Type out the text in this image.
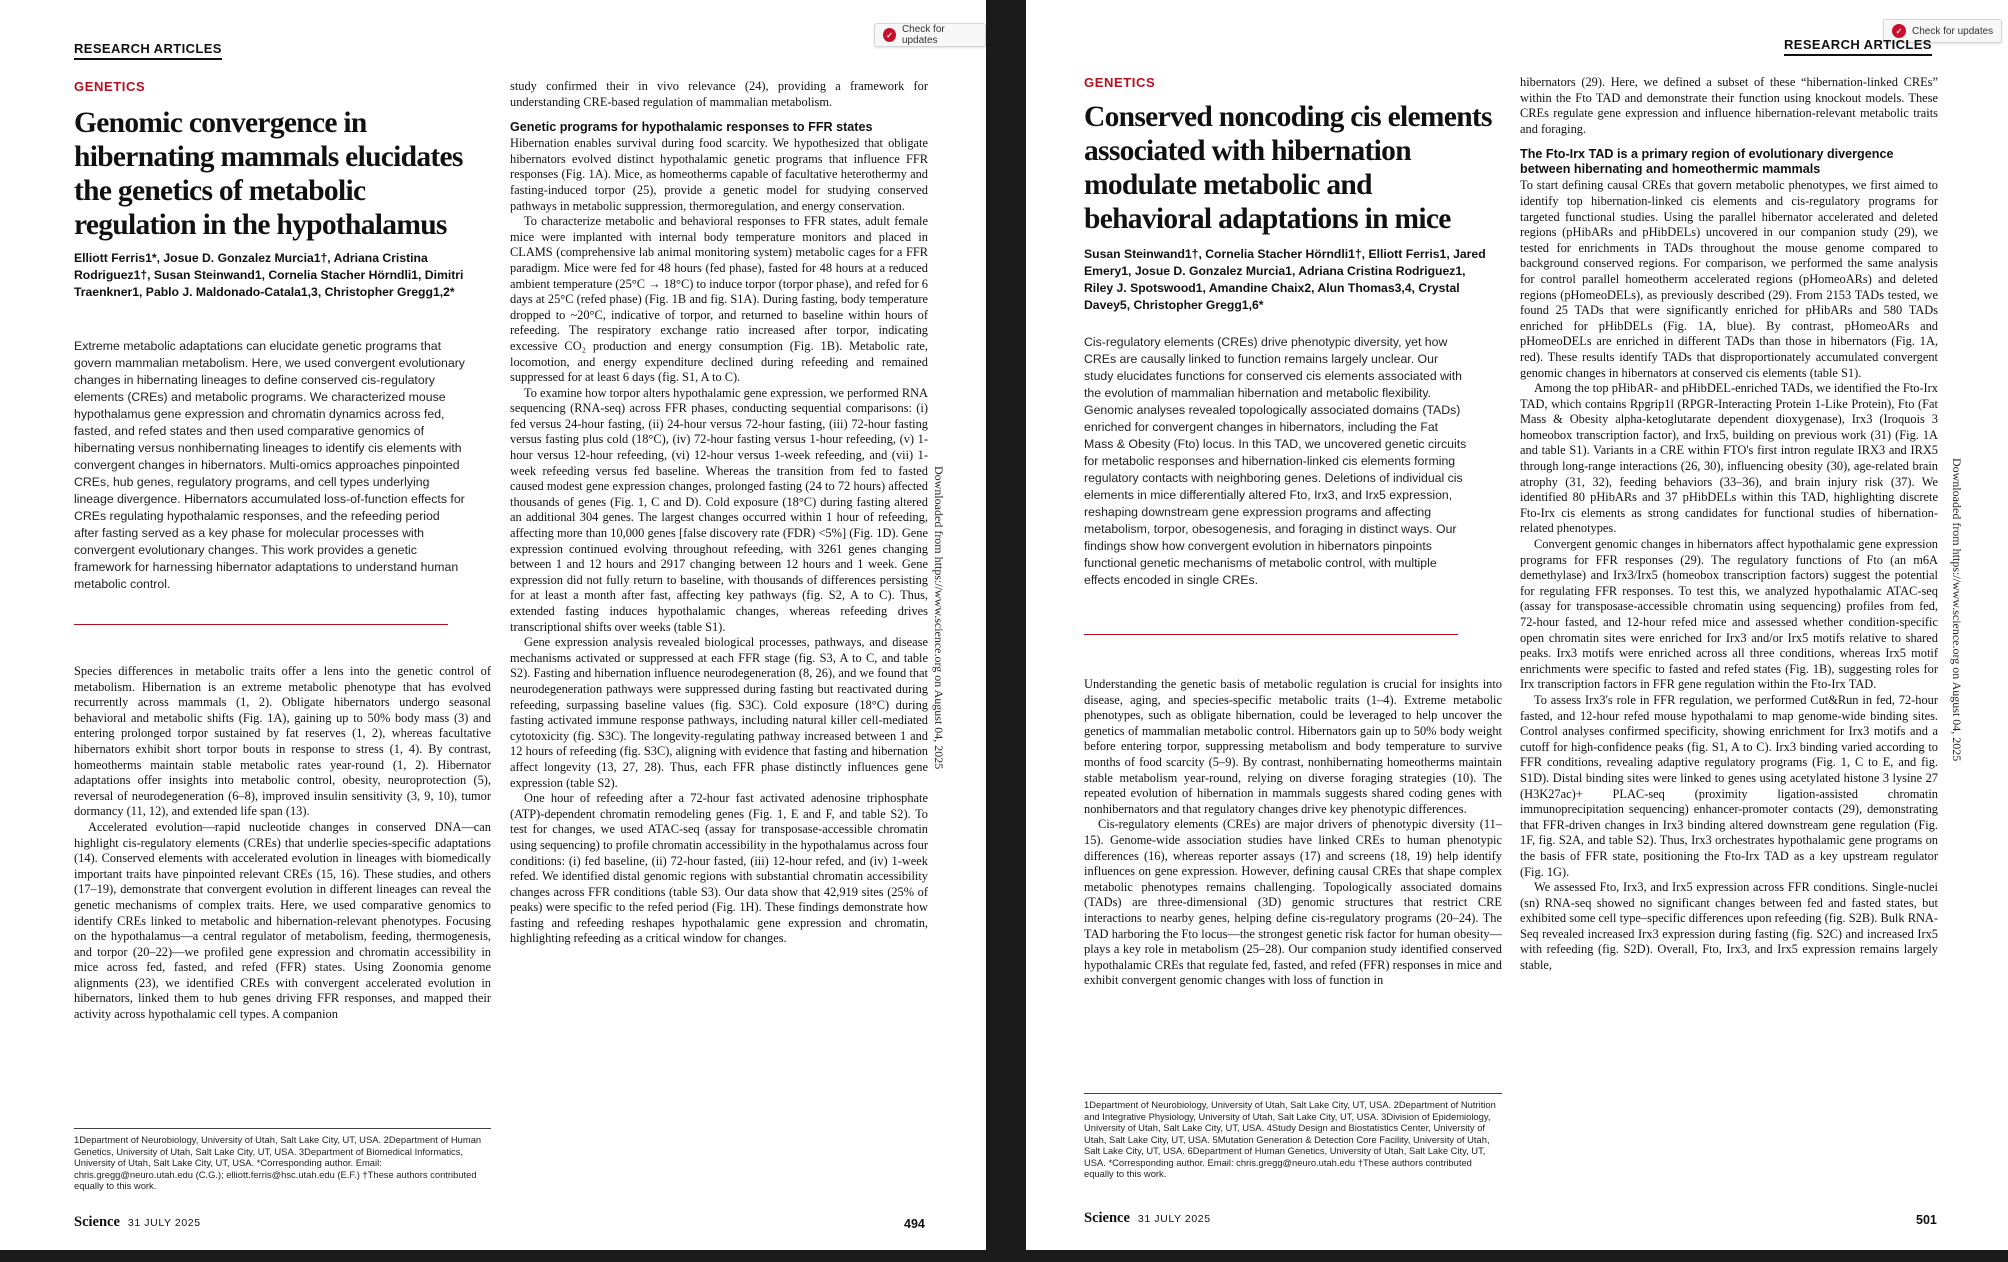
✓ Check for updates
RESEARCH ARTICLES
GENETICS
Genomic convergence in hibernating mammals elucidates the genetics of metabolic regulation in the hypothalamus
Elliott Ferris1*, Josue D. Gonzalez Murcia1†, Adriana Cristina Rodriguez1†, Susan Steinwand1, Cornelia Stacher Hörndli1, Dimitri Traenkner1, Pablo J. Maldonado-Catala1,3, Christopher Gregg1,2*
Extreme metabolic adaptations can elucidate genetic programs that govern mammalian metabolism. Here, we used convergent evolutionary changes in hibernating lineages to define conserved cis-regulatory elements (CREs) and metabolic programs. We characterized mouse hypothalamus gene expression and chromatin dynamics across fed, fasted, and refed states and then used comparative genomics of hibernating versus nonhibernating lineages to identify cis elements with convergent changes in hibernators. Multi-omics approaches pinpointed CREs, hub genes, regulatory programs, and cell types underlying lineage divergence. Hibernators accumulated loss-of-function effects for CREs regulating hypothalamic responses, and the refeeding period after fasting served as a key phase for molecular processes with convergent evolutionary changes. This work provides a genetic framework for harnessing hibernator adaptations to understand human metabolic control.

Species differences in metabolic traits offer a lens into the genetic control of metabolism. Hibernation is an extreme metabolic phenotype that has evolved recurrently across mammals (1, 2). Obligate hibernators undergo seasonal behavioral and metabolic shifts (Fig. 1A), gaining up to 50% body mass (3) and entering prolonged torpor sustained by fat reserves (1, 2), whereas facultative hibernators exhibit short torpor bouts in response to stress (1, 4). By contrast, homeotherms maintain stable metabolic rates year-round (1, 2). Hibernator adaptations offer insights into metabolic control, obesity, neuroprotection (5), reversal of neurodegeneration (6–8), improved insulin sensitivity (3, 9, 10), tumor dormancy (11, 12), and extended life span (13).

Accelerated evolution—rapid nucleotide changes in conserved DNA—can highlight cis-regulatory elements (CREs) that underlie species-specific adaptations (14). Conserved elements with accelerated evolution in lineages with biomedically important traits have pinpointed relevant CREs (15, 16). These studies, and others (17–19), demonstrate that convergent evolution in different lineages can reveal the genetic mechanisms of complex traits. Here, we used comparative genomics to identify CREs linked to metabolic and hibernation-relevant phenotypes. Focusing on the hypothalamus—a central regulator of metabolism, feeding, thermogenesis, and torpor (20–22)—we profiled gene expression and chromatin accessibility in mice across fed, fasted, and refed (FFR) states. Using Zoonomia genome alignments (23), we identified CREs with convergent accelerated evolution in hibernators, linked them to hub genes driving FFR responses, and mapped their activity across hypothalamic cell types. A companion

1Department of Neurobiology, University of Utah, Salt Lake City, UT, USA. 2Department of Human Genetics, University of Utah, Salt Lake City, UT, USA. 3Department of Biomedical Informatics, University of Utah, Salt Lake City, UT, USA. *Corresponding author. Email: chris.gregg@neuro.utah.edu (C.G.); elliott.ferris@hsc.utah.edu (E.F.) †These authors contributed equally to this work.

study confirmed their in vivo relevance (24), providing a framework for understanding CRE-based regulation of mammalian metabolism.

Genetic programs for hypothalamic responses to FFR states

Hibernation enables survival during food scarcity. We hypothesized that obligate hibernators evolved distinct hypothalamic genetic programs that influence FFR responses (Fig. 1A). Mice, as homeotherms capable of facultative heterothermy and fasting-induced torpor (25), provide a genetic model for studying conserved pathways in metabolic suppression, thermoregulation, and energy conservation.

To characterize metabolic and behavioral responses to FFR states, adult female mice were implanted with internal body temperature monitors and placed in CLAMS (comprehensive lab animal monitoring system) metabolic cages for a FFR paradigm. Mice were fed for 48 hours (fed phase), fasted for 48 hours at a reduced ambient temperature (25°C → 18°C) to induce torpor (torpor phase), and refed for 6 days at 25°C (refed phase) (Fig. 1B and fig. S1A). During fasting, body temperature dropped to ~20°C, indicative of torpor, and returned to baseline within hours of refeeding. The respiratory exchange ratio increased after torpor, indicating excessive CO₂ production and energy consumption (Fig. 1B). Metabolic rate, locomotion, and energy expenditure declined during refeeding and remained suppressed for at least 6 days (fig. S1, A to C).

To examine how torpor alters hypothalamic gene expression, we performed RNA sequencing (RNA-seq) across FFR phases, conducting sequential comparisons: (i) fed versus 24-hour fasting, (ii) 24-hour versus 72-hour fasting, (iii) 72-hour fasting versus fasting plus cold (18°C), (iv) 72-hour fasting versus 1-hour refeeding, (v) 1-hour versus 12-hour refeeding, (vi) 12-hour versus 1-week refeeding, and (vii) 1-week refeeding versus fed baseline. Whereas the transition from fed to fasted caused modest gene expression changes, prolonged fasting (24 to 72 hours) affected thousands of genes (Fig. 1, C and D). Cold exposure (18°C) during fasting altered an additional 304 genes. The largest changes occurred within 1 hour of refeeding, affecting more than 10,000 genes [false discovery rate (FDR) <5%] (Fig. 1D). Gene expression continued evolving throughout refeeding, with 3261 genes changing between 1 and 12 hours and 2917 changing between 12 hours and 1 week. Gene expression did not fully return to baseline, with thousands of differences persisting for at least a month after fast, affecting key pathways (fig. S2, A to C). Thus, extended fasting induces hypothalamic changes, whereas refeeding drives transcriptional shifts over weeks (table S1).

Gene expression analysis revealed biological processes, pathways, and disease mechanisms activated or suppressed at each FFR stage (fig. S3, A to C, and table S2). Fasting and hibernation influence neurodegeneration (8, 26), and we found that neurodegeneration pathways were suppressed during fasting but reactivated during refeeding, surpassing baseline values (fig. S3C). Cold exposure (18°C) during fasting activated immune response pathways, including natural killer cell-mediated cytotoxicity (fig. S3C). The longevity-regulating pathway increased between 1 and 12 hours of refeeding (fig. S3C), aligning with evidence that fasting and hibernation affect longevity (13, 27, 28). Thus, each FFR phase distinctly influences gene expression (table S2).

One hour of refeeding after a 72-hour fast activated adenosine triphosphate (ATP)-dependent chromatin remodeling genes (Fig. 1, E and F, and table S2). To test for changes, we used ATAC-seq (assay for transposase-accessible chromatin using sequencing) to profile chromatin accessibility in the hypothalamus across four conditions: (i) fed baseline, (ii) 72-hour fasted, (iii) 12-hour refed, and (iv) 1-week refed. We identified distal genomic regions with substantial chromatin accessibility changes across FFR conditions (table S3). Our data show that 42,919 sites (25% of peaks) were specific to the refed period (Fig. 1H). These findings demonstrate how fasting and refeeding reshapes hypothalamic gene expression and chromatin, highlighting refeeding as a critical window for changes.

Downloaded from https://www.science.org on August 04, 2025
Science 31 JULY 2025	494
✓ Check for updates
RESEARCH ARTICLES
GENETICS
Conserved noncoding cis elements associated with hibernation modulate metabolic and behavioral adaptations in mice
Susan Steinwand1†, Cornelia Stacher Hörndli1†, Elliott Ferris1, Jared Emery1, Josue D. Gonzalez Murcia1, Adriana Cristina Rodriguez1, Riley J. Spotswood1, Amandine Chaix2, Alun Thomas3,4, Crystal Davey5, Christopher Gregg1,6*
Cis-regulatory elements (CREs) drive phenotypic diversity, yet how CREs are causally linked to function remains largely unclear. Our study elucidates functions for conserved cis elements associated with the evolution of mammalian hibernation and metabolic flexibility. Genomic analyses revealed topologically associated domains (TADs) enriched for convergent changes in hibernators, including the Fat Mass & Obesity (Fto) locus. In this TAD, we uncovered genetic circuits for metabolic responses and hibernation-linked cis elements forming regulatory contacts with neighboring genes. Deletions of individual cis elements in mice differentially altered Fto, Irx3, and Irx5 expression, reshaping downstream gene expression programs and affecting metabolism, torpor, obesogenesis, and foraging in distinct ways. Our findings show how convergent evolution in hibernators pinpoints functional genetic mechanisms of metabolic control, with multiple effects encoded in single CREs.

Understanding the genetic basis of metabolic regulation is crucial for insights into disease, aging, and species-specific metabolic traits (1–4). Extreme metabolic phenotypes, such as obligate hibernation, could be leveraged to help uncover the genetics of mammalian metabolic control. Hibernators gain up to 50% body weight before entering torpor, suppressing metabolism and body temperature to survive months of food scarcity (5–9). By contrast, nonhibernating homeotherms maintain stable metabolism year-round, relying on diverse foraging strategies (10). The repeated evolution of hibernation in mammals suggests shared coding genes with nonhibernators and that regulatory changes drive key phenotypic differences.

Cis-regulatory elements (CREs) are major drivers of phenotypic diversity (11–15). Genome-wide association studies have linked CREs to human phenotypic differences (16), whereas reporter assays (17) and screens (18, 19) help identify influences on gene expression. However, defining causal CREs that shape complex metabolic phenotypes remains challenging. Topologically associated domains (TADs) are three-dimensional (3D) genomic structures that restrict CRE interactions to nearby genes, helping define cis-regulatory programs (20–24). The TAD harboring the Fto locus—the strongest genetic risk factor for human obesity—plays a key role in metabolism (25–28). Our companion study identified conserved hypothalamic CREs that regulate fed, fasted, and refed (FFR) responses in mice and exhibit convergent genomic changes with loss of function in

1Department of Neurobiology, University of Utah, Salt Lake City, UT, USA. 2Department of Nutrition and Integrative Physiology, University of Utah, Salt Lake City, UT, USA. 3Division of Epidemiology, University of Utah, Salt Lake City, UT, USA. 4Study Design and Biostatistics Center, University of Utah, Salt Lake City, UT, USA. 5Mutation Generation & Detection Core Facility, University of Utah, Salt Lake City, UT, USA. 6Department of Human Genetics, University of Utah, Salt Lake City, UT, USA. *Corresponding author. Email: chris.gregg@neuro.utah.edu †These authors contributed equally to this work.

hibernators (29). Here, we defined a subset of these “hibernation-linked CREs” within the Fto TAD and demonstrate their function using knockout models. These CREs regulate gene expression and influence hibernation-relevant metabolic traits and foraging.

The Fto-Irx TAD is a primary region of evolutionary divergence between hibernating and homeothermic mammals

To start defining causal CREs that govern metabolic phenotypes, we first aimed to identify top hibernation-linked cis elements and cis-regulatory programs for targeted functional studies. Using the parallel hibernator accelerated and deleted regions (pHibARs and pHibDELs) uncovered in our companion study (29), we tested for enrichments in TADs throughout the mouse genome compared to background conserved regions. For comparison, we performed the same analysis for control parallel homeotherm accelerated regions (pHomeoARs) and deleted regions (pHomeoDELs), as previously described (29). From 2153 TADs tested, we found 25 TADs that were significantly enriched for pHibARs and 580 TADs enriched for pHibDELs (Fig. 1A, blue). By contrast, pHomeoARs and pHomeoDELs are enriched in different TADs than those in hibernators (Fig. 1A, red). These results identify TADs that disproportionately accumulated convergent genomic changes in hibernators at conserved cis elements (table S1).

Among the top pHibAR- and pHibDEL-enriched TADs, we identified the Fto-Irx TAD, which contains Rpgrip1l (RPGR-Interacting Protein 1-Like Protein), Fto (Fat Mass & Obesity alpha-ketoglutarate dependent dioxygenase), Irx3 (Iroquois 3 homeobox transcription factor), and Irx5, building on previous work (31) (Fig. 1A and table S1). Variants in a CRE within FTO's first intron regulate IRX3 and IRX5 through long-range interactions (26, 30), influencing obesity (30), age-related brain atrophy (31, 32), feeding behaviors (33–36), and brain injury risk (37). We identified 80 pHibARs and 37 pHibDELs within this TAD, highlighting discrete Fto-Irx cis elements as strong candidates for functional studies of hibernation-related phenotypes.

Convergent genomic changes in hibernators affect hypothalamic gene expression programs for FFR responses (29). The regulatory functions of Fto (an m6A demethylase) and Irx3/Irx5 (homeobox transcription factors) suggest the potential for regulating FFR responses. To test this, we analyzed hypothalamic ATAC-seq (assay for transposase-accessible chromatin using sequencing) profiles from fed, 72-hour fasted, and 12-hour refed mice and assessed whether condition-specific open chromatin sites were enriched for Irx3 and/or Irx5 motifs relative to shared peaks. Irx3 motifs were enriched across all three conditions, whereas Irx5 motif enrichments were specific to fasted and refed states (Fig. 1B), suggesting roles for Irx transcription factors in FFR gene regulation within the Fto-Irx TAD.

To assess Irx3's role in FFR regulation, we performed Cut&Run in fed, 72-hour fasted, and 12-hour refed mouse hypothalami to map genome-wide binding sites. Control analyses confirmed specificity, showing enrichment for Irx3 motifs and a cutoff for high-confidence peaks (fig. S1, A to C). Irx3 binding varied according to FFR conditions, revealing adaptive regulatory programs (Fig. 1, C to E, and fig. S1D). Distal binding sites were linked to genes using acetylated histone 3 lysine 27 (H3K27ac)+ PLAC-seq (proximity ligation-assisted chromatin immunoprecipitation sequencing) enhancer-promoter contacts (29), demonstrating that FFR-driven changes in Irx3 binding altered downstream gene regulation (Fig. 1F, fig. S2A, and table S2). Thus, Irx3 orchestrates hypothalamic gene programs on the basis of FFR state, positioning the Fto-Irx TAD as a key upstream regulator (Fig. 1G).

We assessed Fto, Irx3, and Irx5 expression across FFR conditions. Single-nuclei (sn) RNA-seq showed no significant changes between fed and fasted states, but exhibited some cell type–specific differences upon refeeding (fig. S2B). Bulk RNA-Seq revealed increased Irx3 expression during fasting (fig. S2C) and increased Irx5 with refeeding (fig. S2D). Overall, Fto, Irx3, and Irx5 expression remains largely stable,

Downloaded from https://www.science.org on August 04, 2025
Science 31 JULY 2025	501
